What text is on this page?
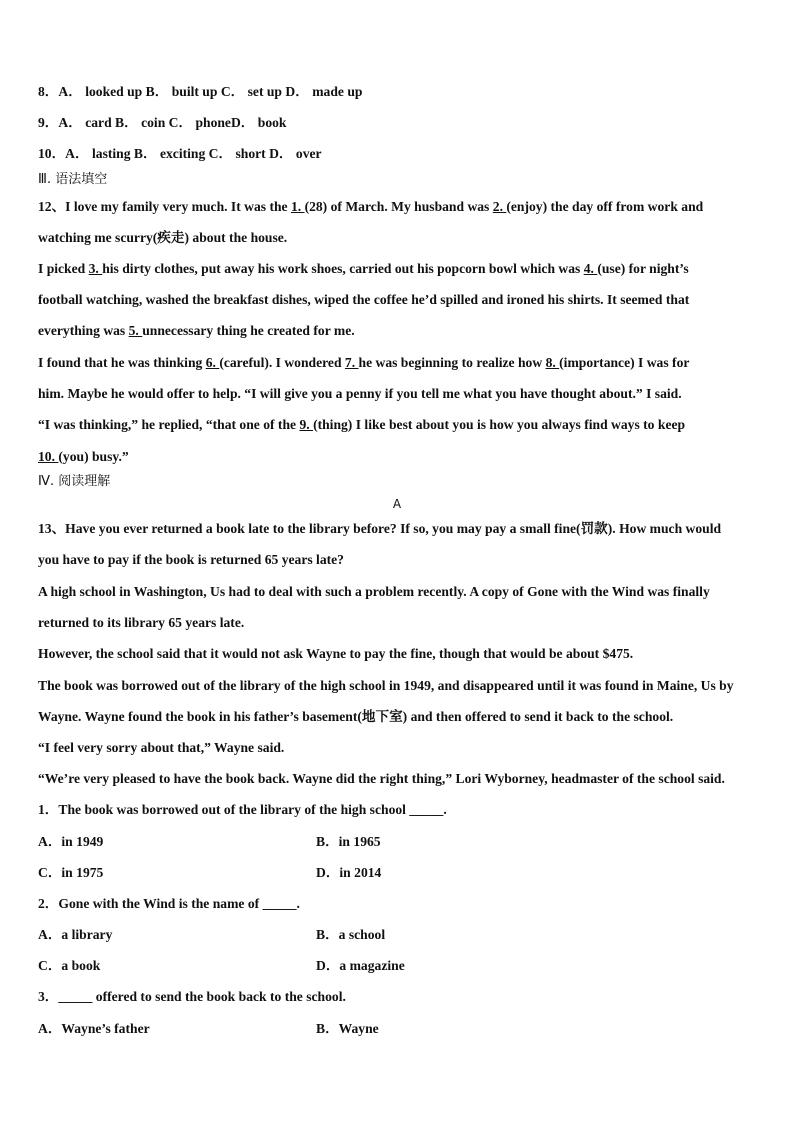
8．A． looked up B． built up C． set up D． made up
9．A． card B． coin C． phoneD． book
10．A． lasting B． exciting C． short D． over
Ⅲ. 语法填空
12、I love my family very much. It was the 1. (28) of March. My husband was 2. (enjoy) the day off from work and
watching me scurry(疾走) about the house.
I picked 3. his dirty clothes, put away his work shoes, carried out his popcorn bowl which was 4. (use) for night’s
football watching, washed the breakfast dishes, wiped the coffee he’d spilled and ironed his shirts. It seemed that
everything was 5. unnecessary thing he created for me.
I found that he was thinking 6. (careful). I wondered 7. he was beginning to realize how 8. (importance) I was for
him. Maybe he would offer to help. “I will give you a penny if you tell me what you have thought about.” I said.
“I was thinking,” he replied, “that one of the 9. (thing) I like best about you is how you always find ways to keep
10. (you) busy.”
Ⅳ. 阅读理解
A
13、Have you ever returned a book late to the library before? If so, you may pay a small fine(罚款). How much would
you have to pay if the book is returned 65 years late?
A high school in Washington, Us had to deal with such a problem recently. A copy of Gone with the Wind was finally
returned to its library 65 years late.
However, the school said that it would not ask Wayne to pay the fine, though that would be about $475.
The book was borrowed out of the library of the high school in 1949, and disappeared until it was found in Maine, Us by
Wayne. Wayne found the book in his father’s basement(地下室) and then offered to send it back to the school.
“I feel very sorry about that,” Wayne said.
“We’re very pleased to have the book back. Wayne did the right thing,” Lori Wyborney, headmaster of the school said.
1．The book was borrowed out of the library of the high school _____.
A．in 1949	B．in 1965
C．in 1975	D．in 2014
2．Gone with the Wind is the name of _____.
A．a library	B．a school
C．a book	D．a magazine
3．_____ offered to send the book back to the school.
A．Wayne’s father	B．Wayne
